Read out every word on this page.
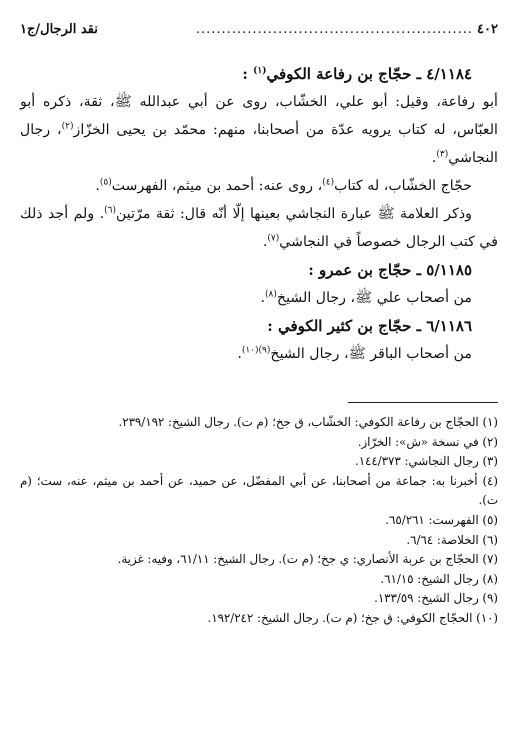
٤٠٢
......................................................
نقد الرجال/ج١
٤/١١٨٤ ـ حجّاج بن رفاعة الكوفي$^{(١)}$ :

أبو رفاعة، وقيل: أبو علي، الخشّاب، روى عن أبي عبدالله ﷺ، ثقة، ذكره أبو العبّاس، له كتاب يرويه عدّة من أصحابنا، منهم: محمّد بن يحيى الخزّاز$^{(٢)}$، رجال النجاشي$^{(٣)}$.

حجّاج الخشّاب، له كتاب$^{(٤)}$، روى عنه: أحمد بن ميثم، الفهرست$^{(٥)}$.

وذكر العلامة ﷺ عبارة النجاشي بعينها إلّا أنّه قال: ثقة مرّتين$^{(٦)}$. ولم أجد ذلك في كتب الرجال خصوصاً في النجاشي$^{(٧)}$.

٥/١١٨٥ ـ حجّاج بن عمرو :

من أصحاب علي ﷺ، رجال الشيخ$^{(٨)}$.

٦/١١٨٦ ـ حجّاج بن كثير الكوفي :

من أصحاب الباقر ﷺ، رجال الشيخ$^{(٩)(١٠)}$.

(١) الحجّاج بن رفاعة الكوفي: الخشّاب، ق جخ؛ (م ت). رجال الشيخ: ٢٣٩/١٩٢.

(٢) في نسخة «ش»: الخرّاز.

(٣) رجال النجاشي: ١٤٤/٣٧٣.

(٤) أخبرنا به: جماعة من أصحابنا، عن أبي المفضّل، عن حميد، عن أحمد بن ميثم، عنه، ست؛ (م ت).

(٥) الفهرست: ٦٥/٢٦١.

(٦) الخلاصة: ٦/٦٤.

(٧) الحجّاج بن عربة الأنصاري: ي جخ؛ (م ت). رجال الشيخ: ٦١/١١، وفيه: غزية.

(٨) رجال الشيخ: ٦١/١٥.

(٩) رجال الشيخ: ١٣٣/٥٩.

(١٠) الحجّاج الكوفي: ق جخ؛ (م ت). رجال الشيخ: ١٩٢/٢٤٢.
